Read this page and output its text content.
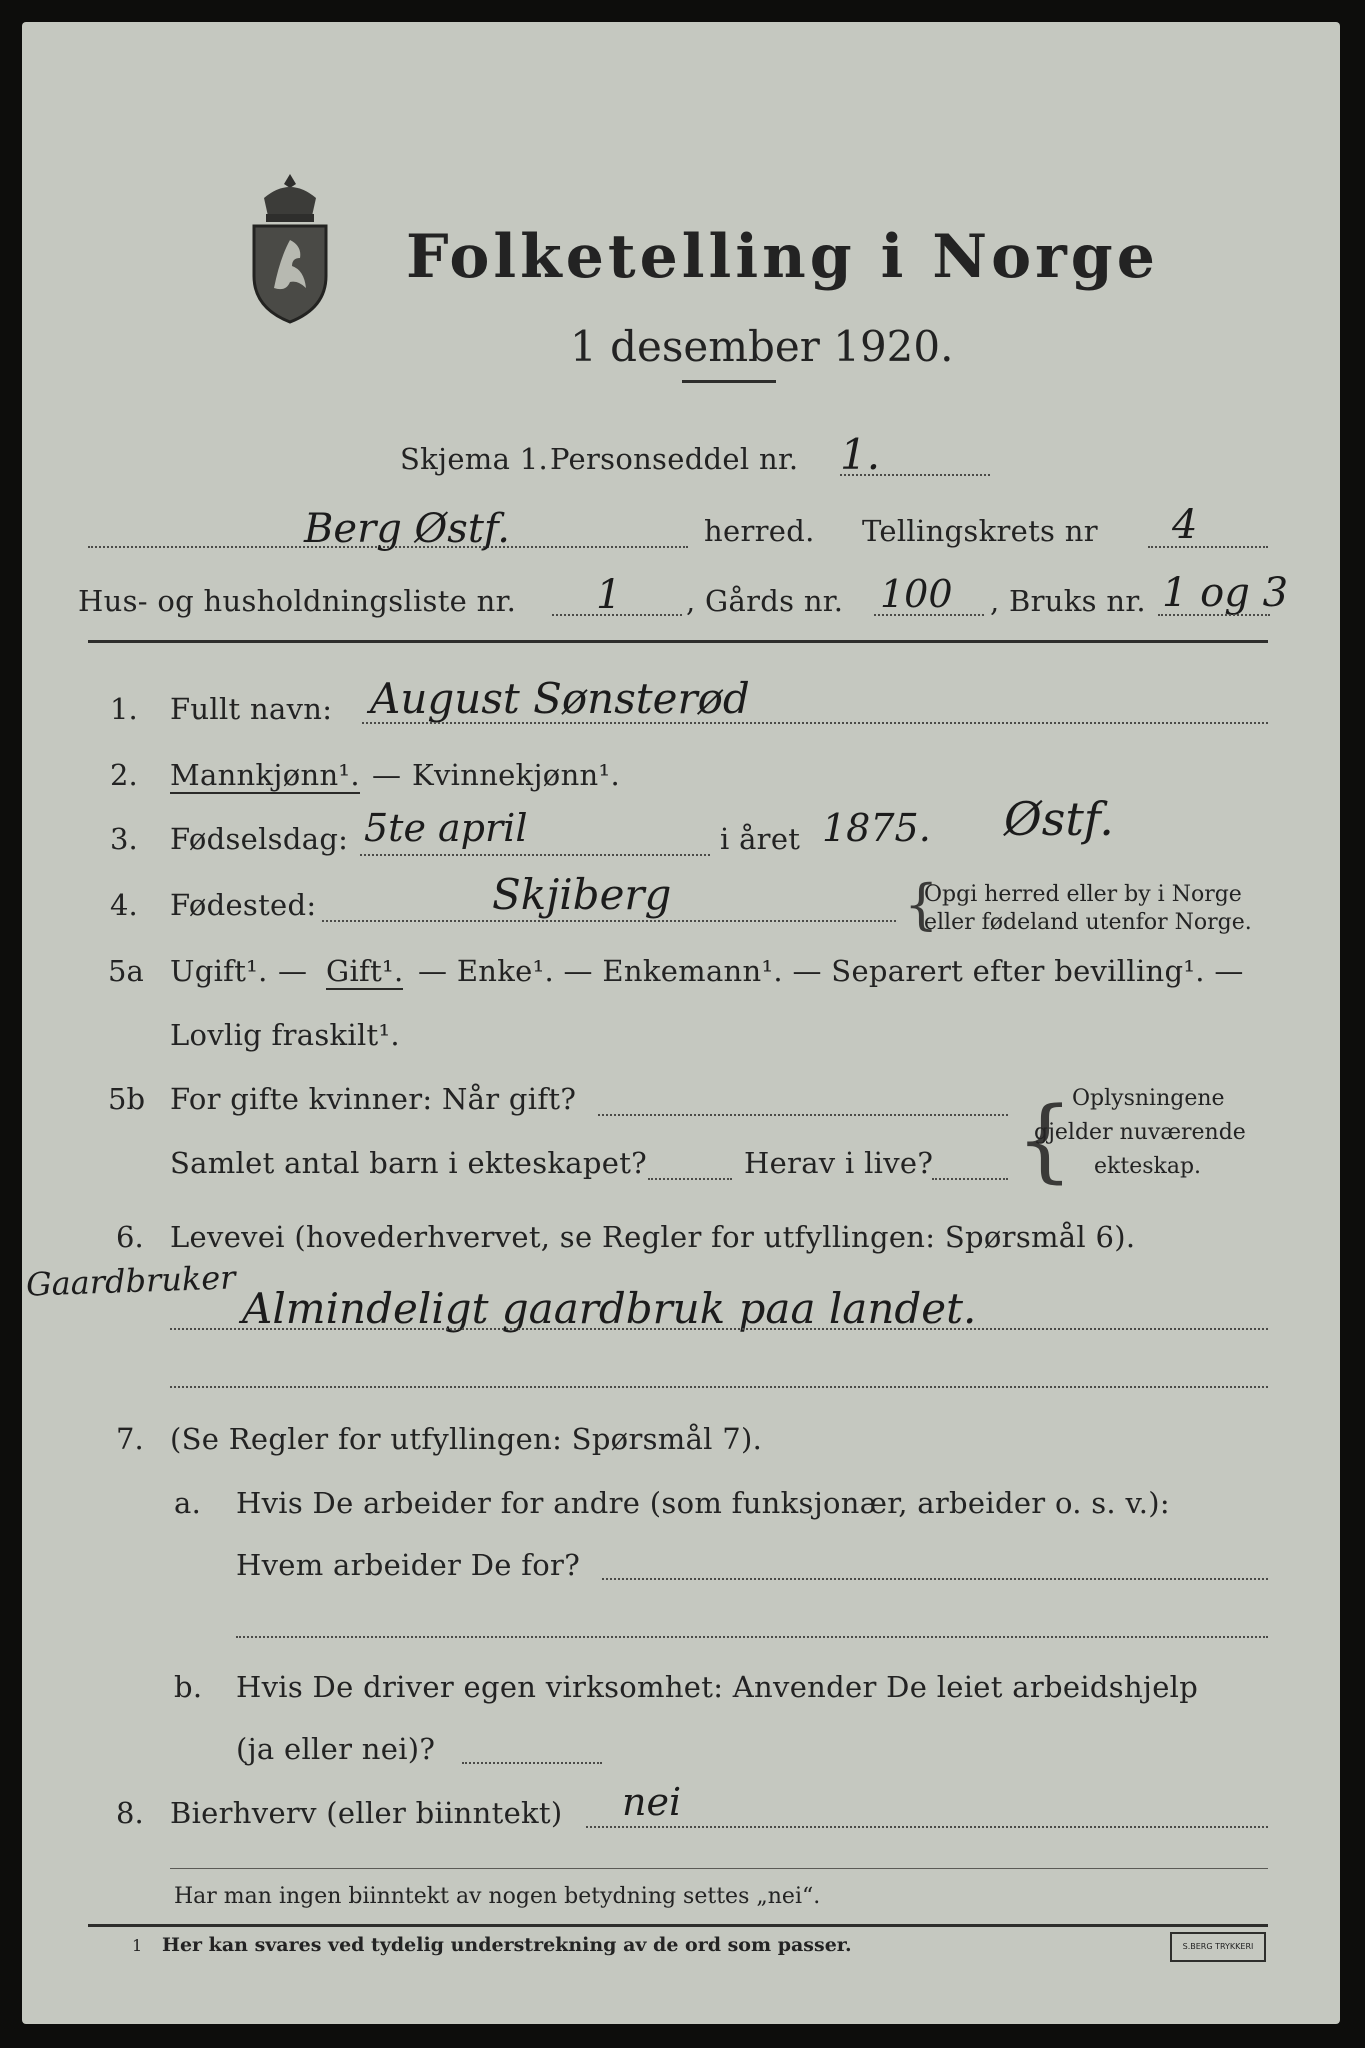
Folketelling i Norge
1 desember 1920.
Skjema 1. Personseddel nr. 1.
Berg Østf.	herred. Tellingskrets nr 4
Hus- og husholdningsliste nr. 1 , Gårds nr. 100 , Bruks nr. 1 og 3
1. Fullt navn: August Sønsterød
2. Mannkjønn¹. — Kvinnekjønn¹.
3. Fødselsdag: 5te april	i året 1875. Østf.
4. Fødested:	Skjiberg	{
Opgi herred eller by i Norge
eller fødeland utenfor Norge.
5a Ugift¹. — Gift¹. — Enke¹. — Enkemann¹. — Separert efter bevilling¹. —
Lovlig fraskilt¹.
5b For gifte kvinner: Når gift?
Samlet antal barn i ekteskapet?	Herav i live? {
Oplysningene
gjelder nuværende
ekteskap.
6. Levevei (hovederhvervet, se Regler for utfyllingen: Spørsmål 6).
Gaardbruker
Almindeligt gaardbruk paa landet.
7. (Se Regler for utfyllingen: Spørsmål 7).
a. Hvis De arbeider for andre (som funksjonær, arbeider o. s. v.):
Hvem arbeider De for?
b. Hvis De driver egen virksomhet: Anvender De leiet arbeidshjelp
(ja eller nei)?
8. Bierhverv (eller biinntekt) nei
Har man ingen biinntekt av nogen betydning settes „nei“.
1 Her kan svares ved tydelig understrekning av de ord som passer.	S.BERG TRYKKERI
